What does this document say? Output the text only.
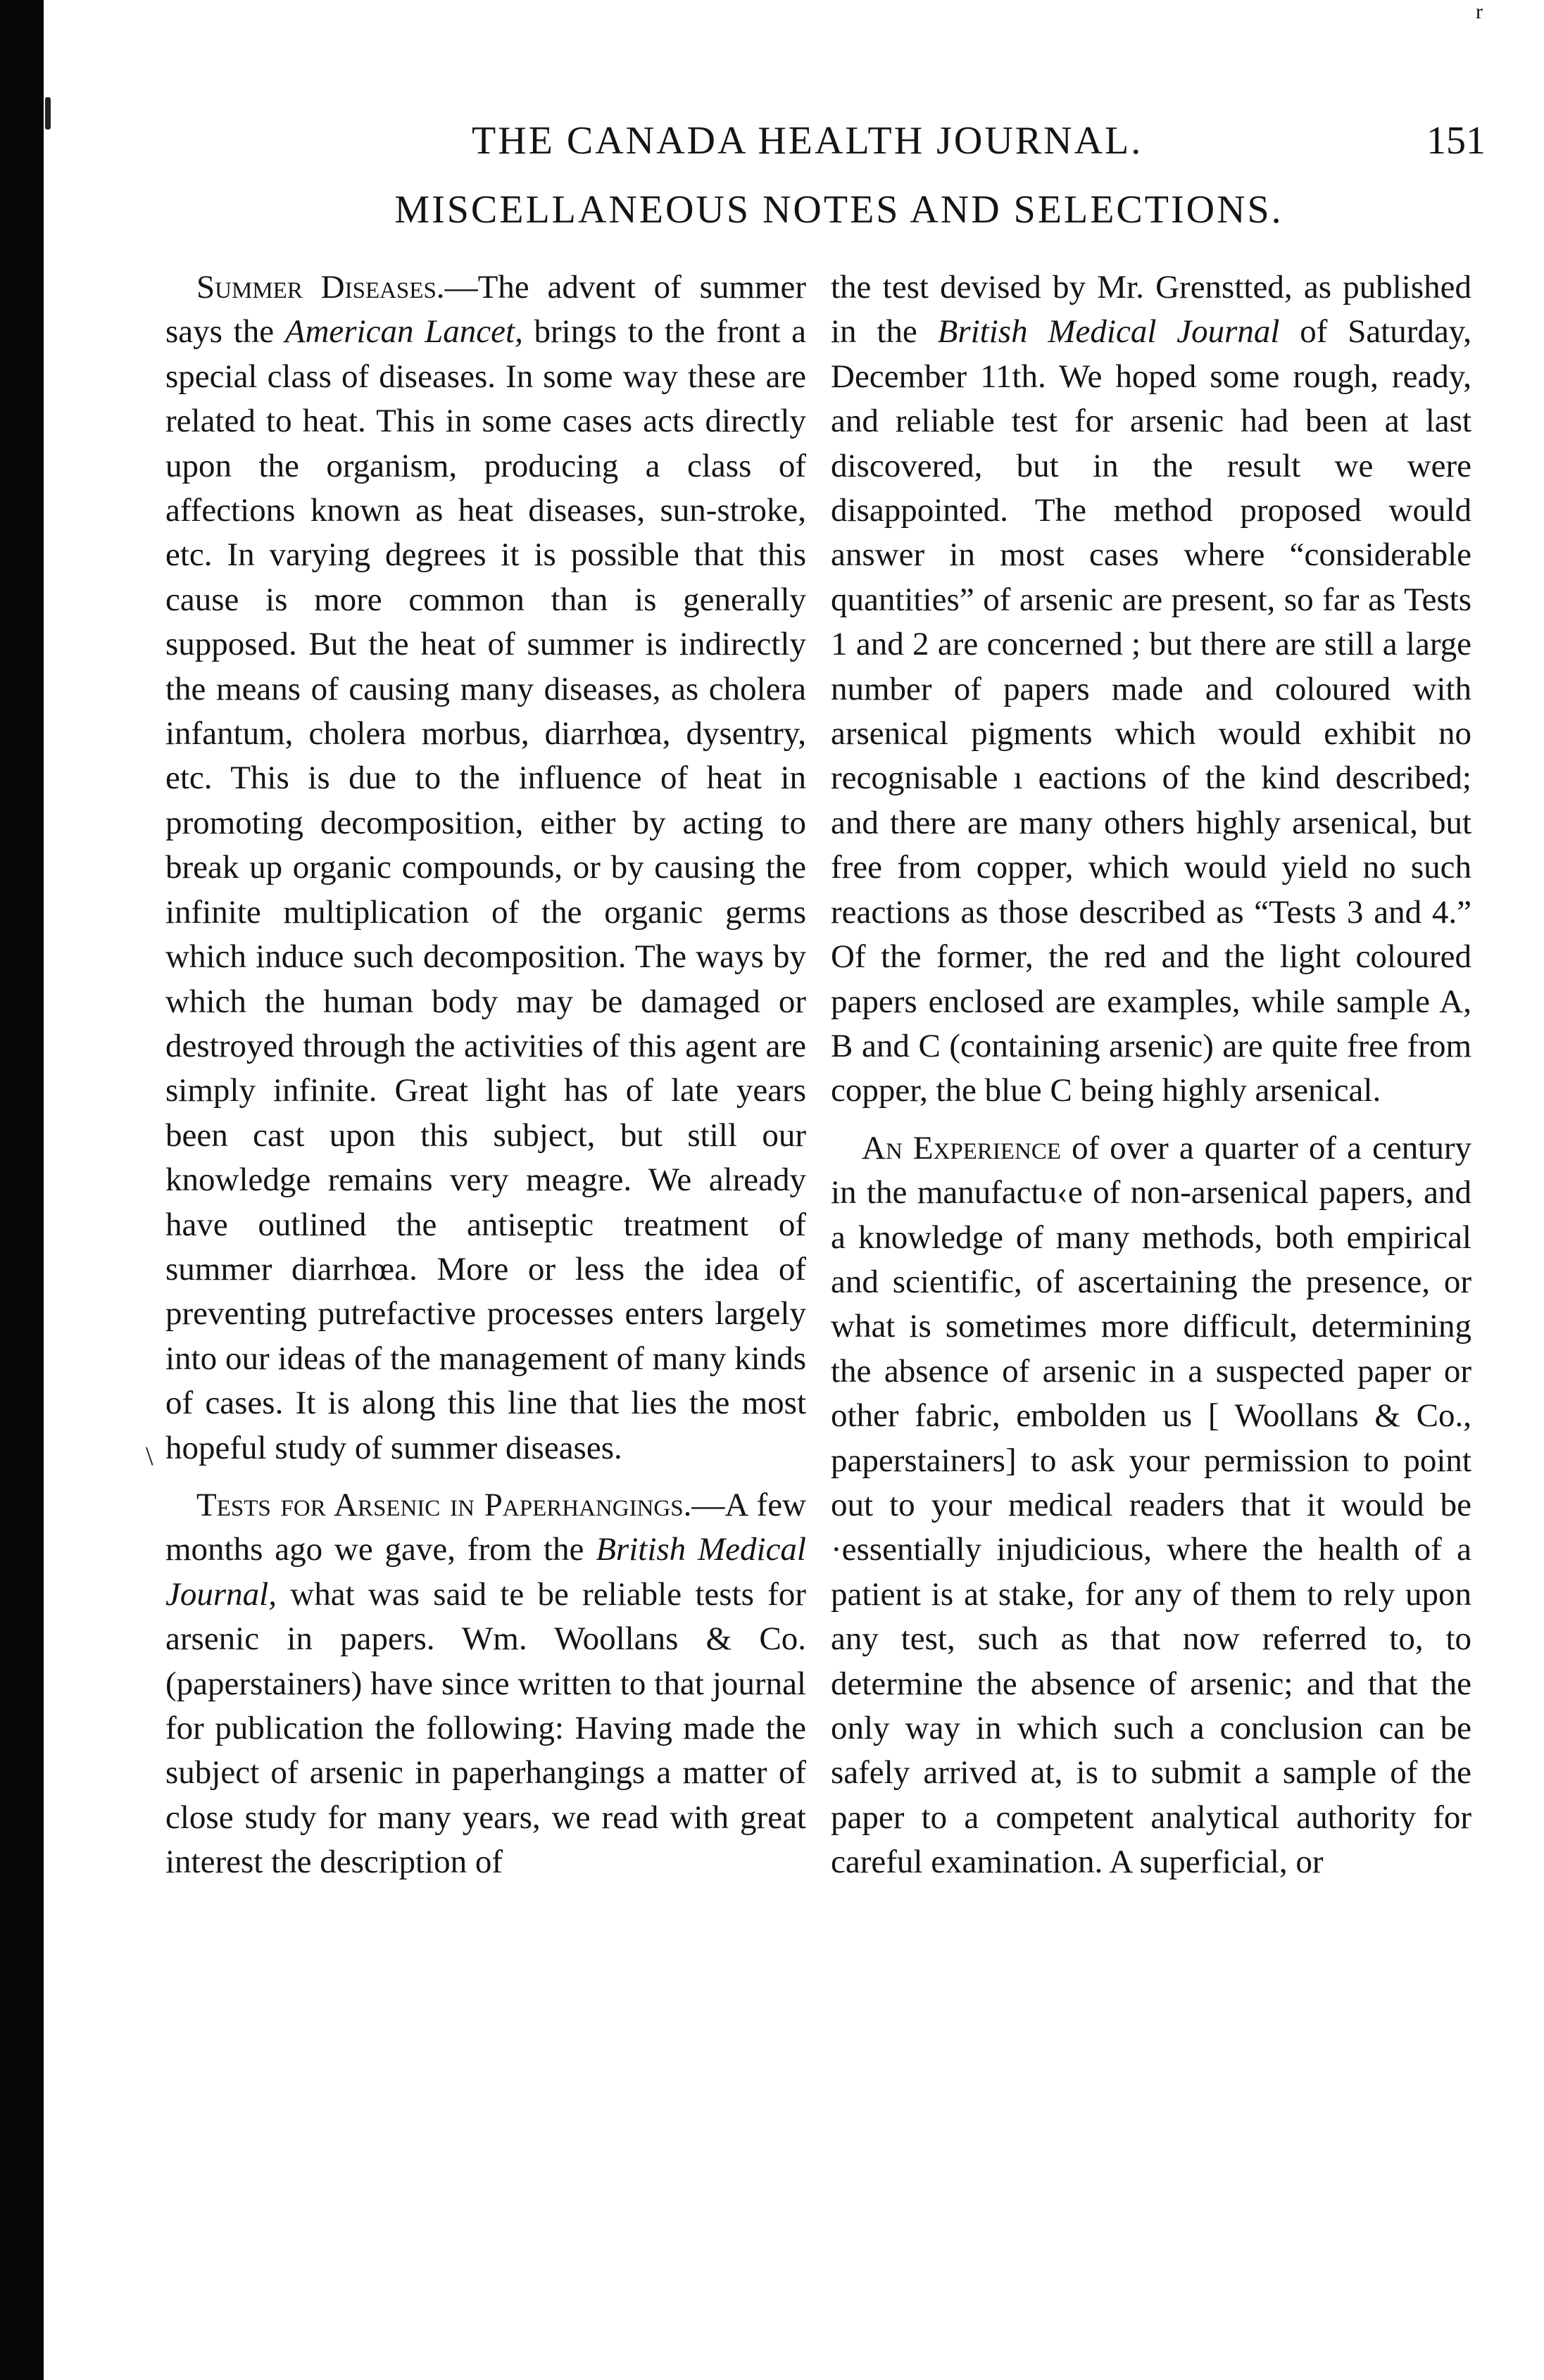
r
THE CANADA HEALTH JOURNAL.	151
MISCELLANEOUS NOTES AND SELECTIONS.

Summer Diseases.—The advent of summer says the American Lancet, brings to the front a special class of diseases. In some way these are related to heat. This in some cases acts directly upon the organism, producing a class of affections known as heat diseases, sun-stroke, etc. In varying degrees it is possible that this cause is more common than is generally supposed. But the heat of summer is indirectly the means of causing many diseases, as cholera infantum, cholera morbus, diarrhœa, dysentry, etc. This is due to the influence of heat in promoting decomposition, either by acting to break up organic compounds, or by causing the infinite multiplication of the organic germs which induce such decomposition. The ways by which the human body may be damaged or destroyed through the activities of this agent are simply infinite. Great light has of late years been cast upon this subject, but still our knowledge remains very meagre. We already have outlined the antiseptic treatment of summer diarrhœa. More or less the idea of preventing putrefactive processes enters largely into our ideas of the management of many kinds of cases. It is along this line that lies the most hopeful study of summer diseases.

Tests for Arsenic in Paperhangings.—A few months ago we gave, from the British Medical Journal, what was said te be reliable tests for arsenic in papers. Wm. Woollans & Co. (paperstainers) have since written to that journal for publication the following: Having made the subject of arsenic in paperhangings a matter of close study for many years, we read with great interest the description of

\

the test devised by Mr. Grenstted, as published in the British Medical Journal of Saturday, December 11th. We hoped some rough, ready, and reliable test for arsenic had been at last discovered, but in the result we were disappointed. The method proposed would answer in most cases where “considerable quantities” of arsenic are present, so far as Tests 1 and 2 are concerned ; but there are still a large number of papers made and coloured with arsenical pigments which would exhibit no recognisable ı eactions of the kind described; and there are many others highly arsenical, but free from copper, which would yield no such reactions as those described as “Tests 3 and 4.” Of the former, the red and the light coloured papers enclosed are examples, while sample A, B and C (containing arsenic) are quite free from copper, the blue C being highly arsenical.

An Experience of over a quarter of a century in the manufactu‹e of non-arsenical papers, and a knowledge of many methods, both empirical and scientific, of ascertaining the presence, or what is sometimes more difficult, determining the absence of arsenic in a suspected paper or other fabric, embolden us [ Woollans & Co., paperstainers] to ask your permission to point out to your medical readers that it would be ·essentially injudicious, where the health of a patient is at stake, for any of them to rely upon any test, such as that now referred to, to determine the absence of arsenic; and that the only way in which such a conclusion can be safely arrived at, is to submit a sample of the paper to a competent analytical authority for careful examination. A superficial, or
